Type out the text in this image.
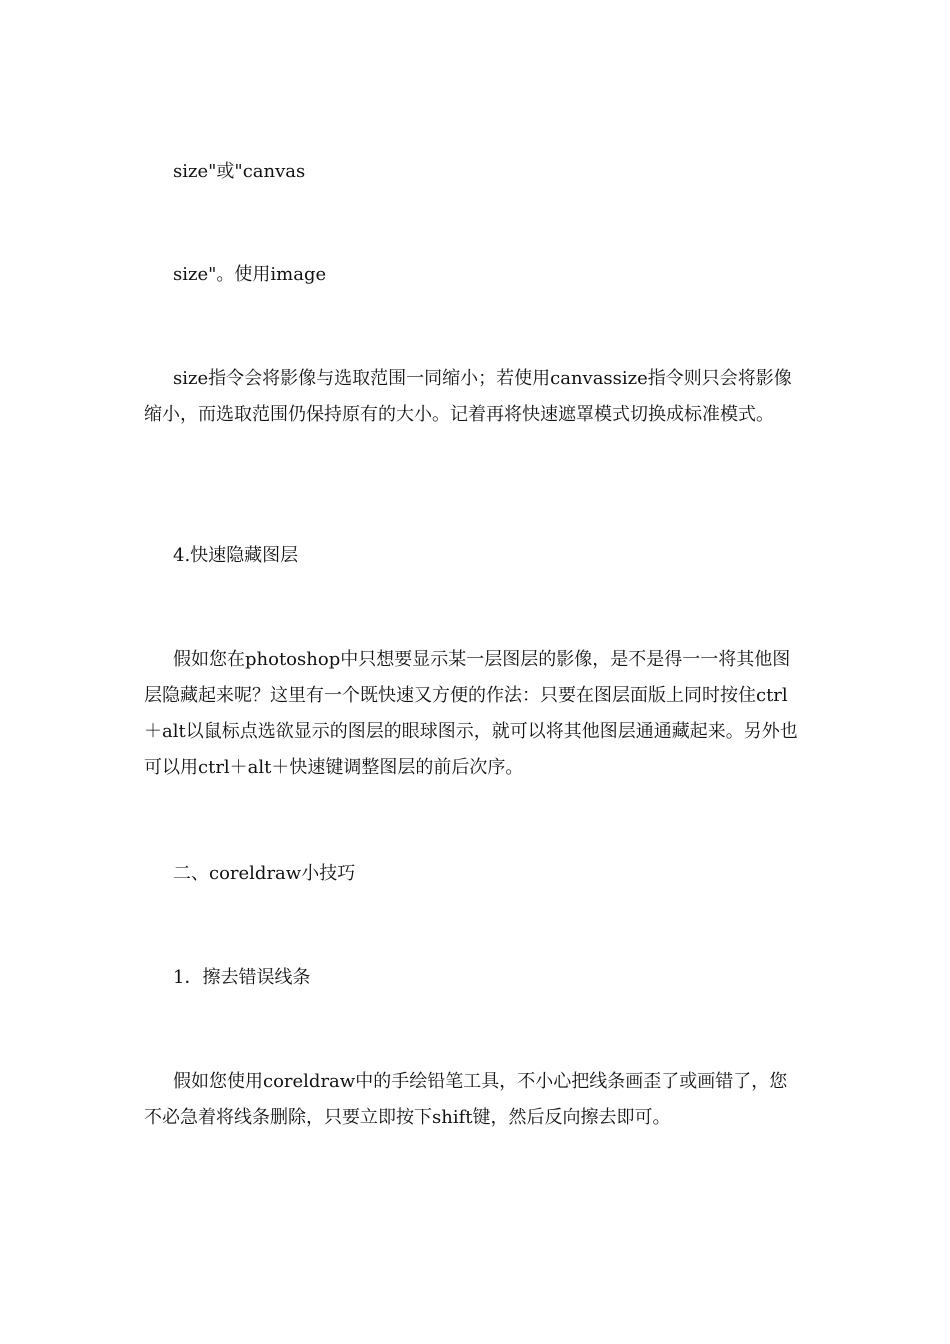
size"或"canvas

size"。使用image

size指令会将影像与选取范围一同缩小；若使用canvassize指令则只会将影像缩小，而选取范围仍保持原有的大小。记着再将快速遮罩模式切换成标准模式。

4.快速隐藏图层

假如您在photoshop中只想要显示某一层图层的影像，是不是得一一将其他图层隐藏起来呢？这里有一个既快速又方便的作法：只要在图层面版上同时按住ctrl＋alt以鼠标点选欲显示的图层的眼球图示，就可以将其他图层通通藏起来。另外也可以用ctrl＋alt＋快速键调整图层的前后次序。

二、coreldraw小技巧

1．擦去错误线条

假如您使用coreldraw中的手绘铅笔工具，不小心把线条画歪了或画错了，您不必急着将线条删除，只要立即按下shift键，然后反向擦去即可。
